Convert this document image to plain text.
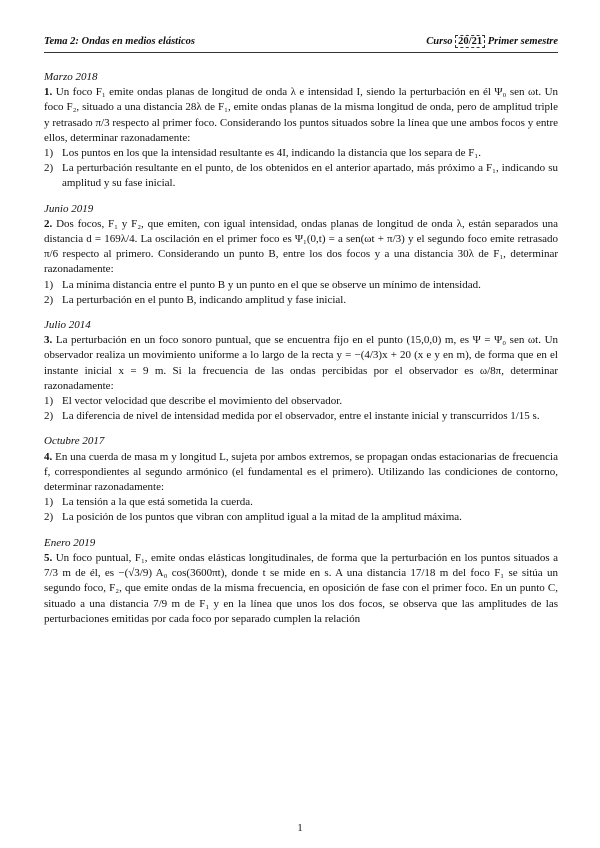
Tema 2: Ondas en medios elásticos	Curso 20/21 Primer semestre
Marzo 2018
1. Un foco F₁ emite ondas planas de longitud de onda λ e intensidad I, siendo la perturbación en él Ψ₀ sen ωt. Un foco F₂, situado a una distancia 28λ de F₁, emite ondas planas de la misma longitud de onda, pero de amplitud triple y retrasado π/3 respecto al primer foco. Considerando los puntos situados sobre la línea que une ambos focos y entre ellos, determinar razonadamente:
1) Los puntos en los que la intensidad resultante es 4I, indicando la distancia que los separa de F₁.
2) La perturbación resultante en el punto, de los obtenidos en el anterior apartado, más próximo a F₁, indicando su amplitud y su fase inicial.
Junio 2019
2. Dos focos, F₁ y F₂, que emiten, con igual intensidad, ondas planas de longitud de onda λ, están separados una distancia d = 169λ/4. La oscilación en el primer foco es Ψ₁(0,t) = a sen(ωt + π/3) y el segundo foco emite retrasado π/6 respecto al primero. Considerando un punto B, entre los dos focos y a una distancia 30λ de F₁, determinar razonadamente:
1) La mínima distancia entre el punto B y un punto en el que se observe un mínimo de intensidad.
2) La perturbación en el punto B, indicando amplitud y fase inicial.
Julio 2014
3. La perturbación en un foco sonoro puntual, que se encuentra fijo en el punto (15,0,0) m, es Ψ = Ψ₀ sen ωt. Un observador realiza un movimiento uniforme a lo largo de la recta y = −(4/3)x + 20 (x e y en m), de forma que en el instante inicial x = 9 m. Si la frecuencia de las ondas percibidas por el observador es ω/8π, determinar razonadamente:
1) El vector velocidad que describe el movimiento del observador.
2) La diferencia de nivel de intensidad medida por el observador, entre el instante inicial y transcurridos 1/15 s.
Octubre 2017
4. En una cuerda de masa m y longitud L, sujeta por ambos extremos, se propagan ondas estacionarias de frecuencia f, correspondientes al segundo armónico (el fundamental es el primero). Utilizando las condiciones de contorno, determinar razonadamente:
1) La tensión a la que está sometida la cuerda.
2) La posición de los puntos que vibran con amplitud igual a la mitad de la amplitud máxima.
Enero 2019
5. Un foco puntual, F₁, emite ondas elásticas longitudinales, de forma que la perturbación en los puntos situados a 7/3 m de él, es −(√3/9) A₀ cos(3600πt), donde t se mide en s. A una distancia 17/18 m del foco F₁ se sitúa un segundo foco, F₂, que emite ondas de la misma frecuencia, en oposición de fase con el primer foco. En un punto C, situado a una distancia 7/9 m de F₁ y en la línea que unos los dos focos, se observa que las amplitudes de las perturbaciones emitidas por cada foco por separado cumplen la relación
1
